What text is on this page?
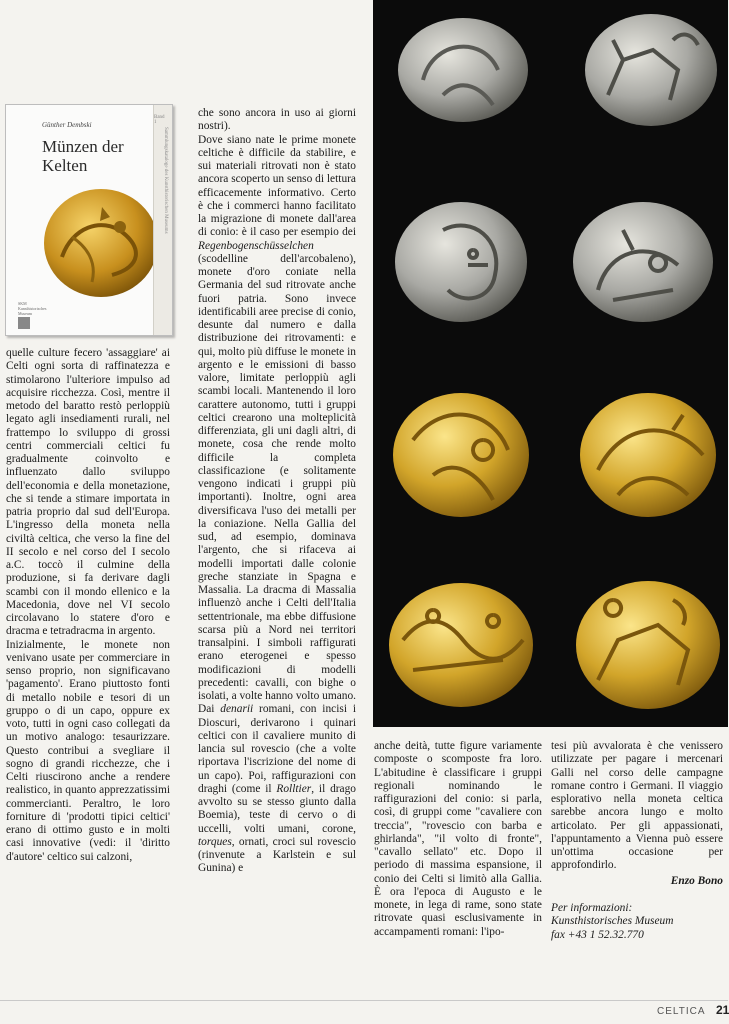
Günther Dembski
Münzen der Kelten
SKM Kunsthistorisches Museum
Band 1
Sammlungskataloge des Kunsthistorischen Museums

quelle culture fecero 'assaggiare' ai Celti ogni sorta di raffinatezza e stimolarono l'ulteriore impulso ad acquisire ricchezza. Così, mentre il metodo del baratto restò perloppiù legato agli insediamenti rurali, nel frattempo lo sviluppo di grossi centri commerciali celtici fu gradualmente coinvolto e influenzato dallo sviluppo dell'economia e della monetazione, che si tende a stimare importata in patria proprio dal sud dell'Europa. L'ingresso della moneta nella civiltà celtica, che verso la fine del II secolo e nel corso del I secolo a.C. toccò il culmine della produzione, si fa derivare dagli scambi con il mondo ellenico e la Macedonia, dove nel VI secolo circolavano lo statere d'oro e dracma e tetradracma in argento.

Inizialmente, le monete non venivano usate per commerciare in senso proprio, non significavano 'pagamento'. Erano piuttosto fonti di metallo nobile e tesori di un gruppo o di un capo, oppure ex voto, tutti in ogni caso collegati da un motivo analogo: tesaurizzare. Questo contribui a svegliare il sogno di grandi ricchezze, che i Celti riuscirono anche a rendere realistico, in quanto apprezzatissimi commercianti. Peraltro, le loro forniture di 'prodotti tipici celtici' erano di ottimo gusto e in molti casi innovative (vedi: il 'diritto d'autore' celtico sui calzoni,

che sono ancora in uso ai giorni nostri).

Dove siano nate le prime monete celtiche è difficile da stabilire, e sui materiali ritrovati non è stato ancora scoperto un senso di lettura efficacemente informativo. Certo è che i commerci hanno facilitato la migrazione di monete dall'area di conio: è il caso per esempio dei Regenbogenschüsselchen (scodelline dell'arcobaleno), monete d'oro coniate nella Germania del sud ritrovate anche fuori patria. Sono invece identificabili aree precise di conio, desunte dal numero e dalla distribuzione dei ritrovamenti: e qui, molto più diffuse le monete in argento e le emissioni di basso valore, limitate perloppiù agli scambi locali. Mantenendo il loro carattere autonomo, tutti i gruppi celtici crearono una molteplicità differenziata, gli uni dagli altri, di monete, cosa che rende molto difficile la completa classificazione (e solitamente vengono indicati i gruppi più importanti). Inoltre, ogni area diversificava l'uso dei metalli per la coniazione. Nella Gallia del sud, ad esempio, dominava l'argento, che si rifaceva ai modelli importati dalle colonie greche stanziate in Spagna e Massalia. La dracma di Massalia influenzò anche i Celti dell'Italia settentrionale, ma ebbe diffusione scarsa più a Nord nei territori transalpini. I simboli raffigurati erano eterogenei e spesso modificazioni di modelli precedenti: cavalli, con bighe o isolati, a volte hanno volto umano. Dai denarii romani, con incisi i Dioscuri, derivarono i quinari celtici con il cavaliere munito di lancia sul rovescio (che a volte riportava l'iscrizione del nome di un capo). Poi, raffigurazioni con draghi (come il Rolltier, il drago avvolto su se stesso giunto dalla Boemia), teste di cervo o di uccelli, volti umani, corone, torques, ornati, croci sul rovescio (rinvenute a Karlstein e sul Gunina) e

anche deità, tutte figure variamente composte o scomposte fra loro. L'abitudine è classificare i gruppi regionali nominando le raffigurazioni del conio: si parla, così, di gruppi come "cavaliere con treccia", "rovescio con barba e ghirlanda", "il volto di fronte", "cavallo sellato" etc. Dopo il periodo di massima espansione, il conio dei Celti si limitò alla Gallia. È ora l'epoca di Augusto e le monete, in lega di rame, sono state ritrovate quasi esclusivamente in accampamenti romani: l'ipo-

tesi più avvalorata è che venissero utilizzate per pagare i mercenari Galli nel corso delle campagne romane contro i Germani. Il viaggio esplorativo nella moneta celtica sarebbe ancora lungo e molto articolato. Per gli appassionati, l'appuntamento a Vienna può essere un'ottima occasione per approfondirlo.

Enzo Bono
Per informazioni:
Kunsthistorisches Museum
fax +43 1 52.32.770
CELTICA 21
